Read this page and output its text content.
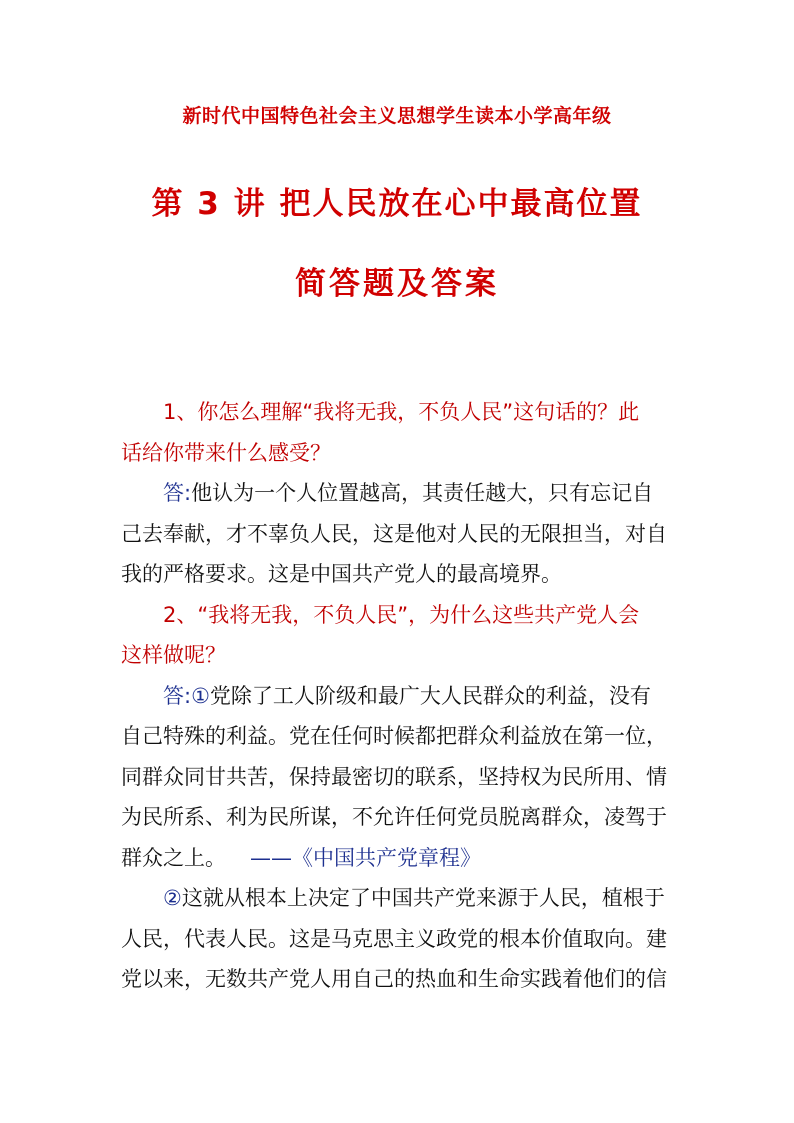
新时代中国特色社会主义思想学生读本小学高年级
第 3 讲 把人民放在心中最高位置
简答题及答案
1、你怎么理解“我将无我，不负人民”这句话的？此
话给你带来什么感受？
答:他认为一个人位置越高，其责任越大，只有忘记自
己去奉献，才不辜负人民，这是他对人民的无限担当，对自
我的严格要求。这是中国共产党人的最高境界。
2、“我将无我，不负人民”，为什么这些共产党人会
这样做呢？
答:①党除了工人阶级和最广大人民群众的利益，没有
自己特殊的利益。党在任何时候都把群众利益放在第一位，
同群众同甘共苦，保持最密切的联系，坚持权为民所用、情
为民所系、利为民所谋，不允许任何党员脱离群众，凌驾于
群众之上。 ——《中国共产党章程》
②这就从根本上决定了中国共产党来源于人民，植根于
人民，代表人民。这是马克思主义政党的根本价值取向。建
党以来，无数共产党人用自己的热血和生命实践着他们的信
